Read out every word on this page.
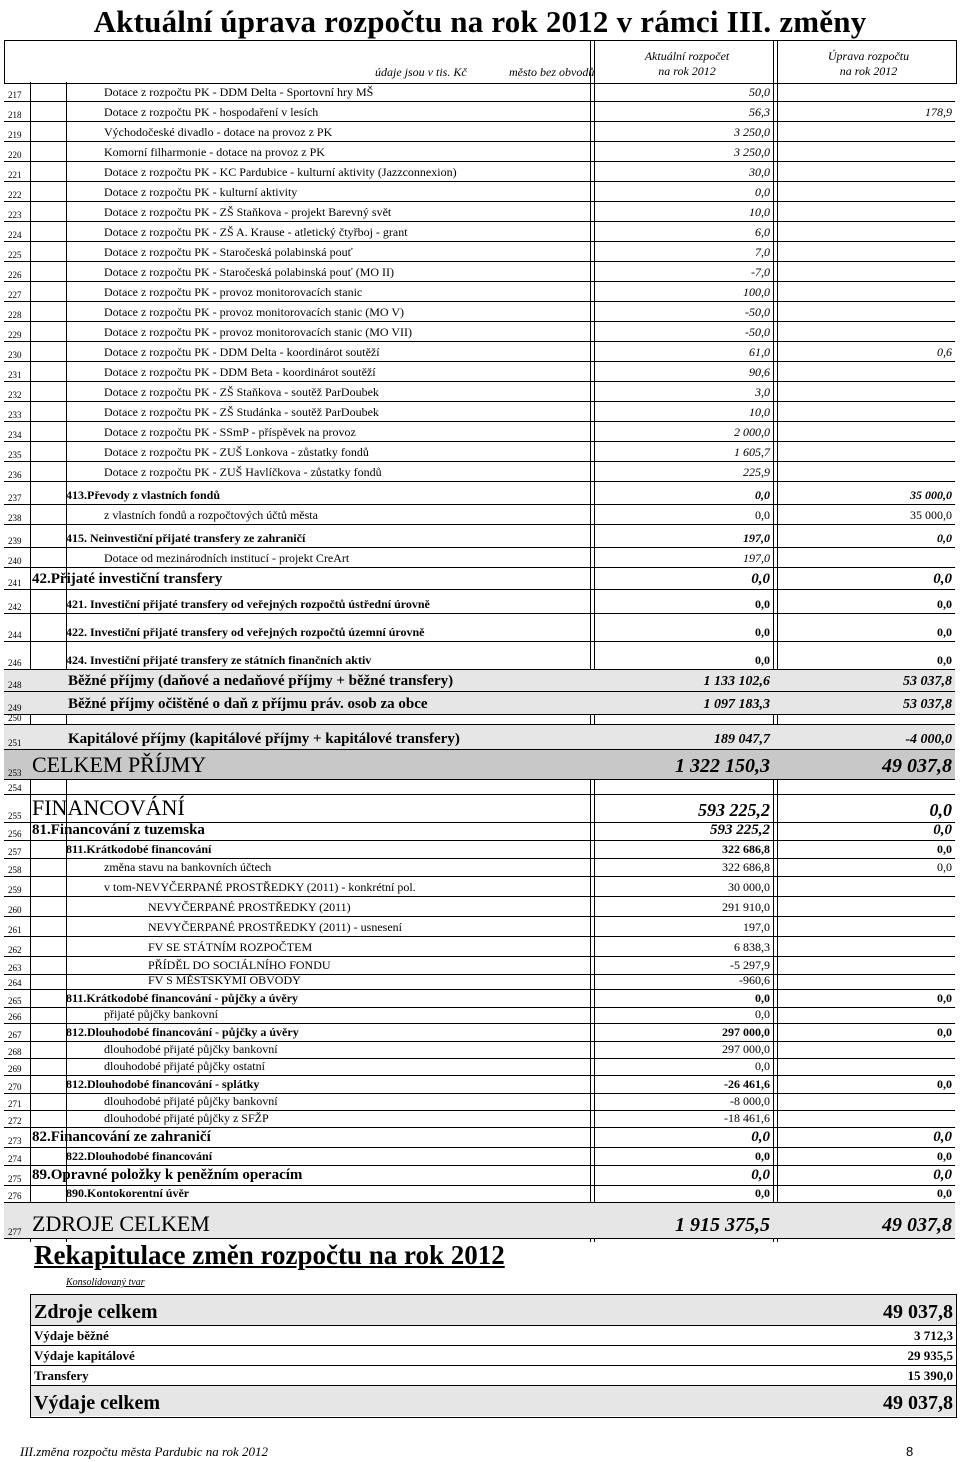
Aktuální úprava rozpočtu na rok 2012 v rámci III. změny
údaje jsou v tis. Kč	město bez obvodů
Aktuální rozpočet
na rok 2012
Úprava rozpočtu
na rok 2012
217	Dotace z rozpočtu PK - DDM Delta - Sportovní hry MŠ	50,0
218	Dotace z rozpočtu PK - hospodaření v lesích	56,3	178,9
219	Východočeské divadlo - dotace na provoz z PK	3 250,0
220	Komorní filharmonie - dotace na provoz z PK	3 250,0
221	Dotace z rozpočtu PK - KC Pardubice - kulturní aktivity (Jazzconnexion)	30,0
222	Dotace z rozpočtu PK - kulturní aktivity	0,0
223	Dotace z rozpočtu PK - ZŠ Staňkova - projekt Barevný svět	10,0
224	Dotace z rozpočtu PK - ZŠ A. Krause - atletický čtyřboj - grant	6,0
225	Dotace z rozpočtu PK - Staročeská polabinská pouť	7,0
226	Dotace z rozpočtu PK - Staročeská polabinská pouť (MO II)	-7,0
227	Dotace z rozpočtu PK - provoz monitorovacích stanic	100,0
228	Dotace z rozpočtu PK - provoz monitorovacích stanic (MO V)	-50,0
229	Dotace z rozpočtu PK - provoz monitorovacích stanic (MO VII)	-50,0
230	Dotace z rozpočtu PK - DDM Delta - koordinárot soutěží	61,0	0,6
231	Dotace z rozpočtu PK - DDM Beta - koordinárot soutěží	90,6
232	Dotace z rozpočtu PK - ZŠ Staňkova - soutěž ParDoubek	3,0
233	Dotace z rozpočtu PK - ZŠ Studánka - soutěž ParDoubek	10,0
234	Dotace z rozpočtu PK - SSmP - příspěvek na provoz	2 000,0
235	Dotace z rozpočtu PK - ZUŠ Lonkova - zůstatky fondů	1 605,7
236	Dotace z rozpočtu PK - ZUŠ Havlíčkova - zůstatky fondů	225,9
237	413.Převody z vlastních fondů	0,0	35 000,0
238	z vlastních fondů a rozpočtových účtů města	0,0	35 000,0
239	415. Neinvestiční přijaté transfery ze zahraničí	197,0	0,0
240	Dotace od mezinárodních institucí - projekt CreArt	197,0
241 42.Přijaté investiční transfery	0,0	0,0
242	421. Investiční přijaté transfery od veřejných rozpočtů ústřední úrovně	0,0	0,0
244	422. Investiční přijaté transfery od veřejných rozpočtů územní úrovně	0,0	0,0
246	424. Investiční přijaté transfery ze státních finančních aktiv	0,0	0,0
248	Běžné příjmy (daňové a nedaňové příjmy + běžné transfery)	1 133 102,6	53 037,8
249	Běžné příjmy očištěné o daň z příjmu práv. osob za obce	1 097 183,3	53 037,8
250
251	Kapitálové příjmy (kapitálové příjmy + kapitálové transfery)	189 047,7	-4 000,0
253 CELKEM PŘÍJMY	1 322 150,3	49 037,8
254
255 FINANCOVÁNÍ	593 225,2	0,0
256 81.Financování z tuzemska	593 225,2	0,0
257	811.Krátkodobé financování	322 686,8	0,0
258	změna stavu na bankovních účtech	322 686,8	0,0
259	v tom-NEVYČERPANÉ PROSTŘEDKY (2011) - konkrétní pol.	30 000,0
260	NEVYČERPANÉ PROSTŘEDKY (2011)	291 910,0
261	NEVYČERPANÉ PROSTŘEDKY (2011) - usnesení	197,0
262	FV SE STÁTNÍM ROZPOČTEM	6 838,3
263	PŘÍDĚL DO SOCIÁLNÍHO FONDU	-5 297,9
264	FV S MĚSTSKÝMI OBVODY	-960,6
265	811.Krátkodobé financování - půjčky a úvěry	0,0	0,0
266	přijaté půjčky bankovní	0,0
267	812.Dlouhodobé financování - půjčky a úvěry	297 000,0	0,0
268	dlouhodobé přijaté půjčky bankovní	297 000,0
269	dlouhodobé přijaté půjčky ostatní	0,0
270	812.Dlouhodobé financování - splátky	-26 461,6	0,0
271	dlouhodobé přijaté půjčky bankovní	-8 000,0
272	dlouhodobé přijaté půjčky z SFŽP	-18 461,6
273 82.Financování ze zahraničí	0,0	0,0
274	822.Dlouhodobé financování	0,0	0,0
275 89.Opravné položky k peněžním operacím	0,0	0,0
276	890.Kontokorentní úvěr	0,0	0,0
277 ZDROJE CELKEM	1 915 375,5	49 037,8
Rekapitulace změn rozpočtu na rok 2012
Konsolidovaný tvar
Zdroje celkem	49 037,8
Výdaje běžné	3 712,3
Výdaje kapitálové	29 935,5
Transfery	15 390,0
Výdaje celkem	49 037,8
III.změna rozpočtu města Pardubic na rok 2012	8
